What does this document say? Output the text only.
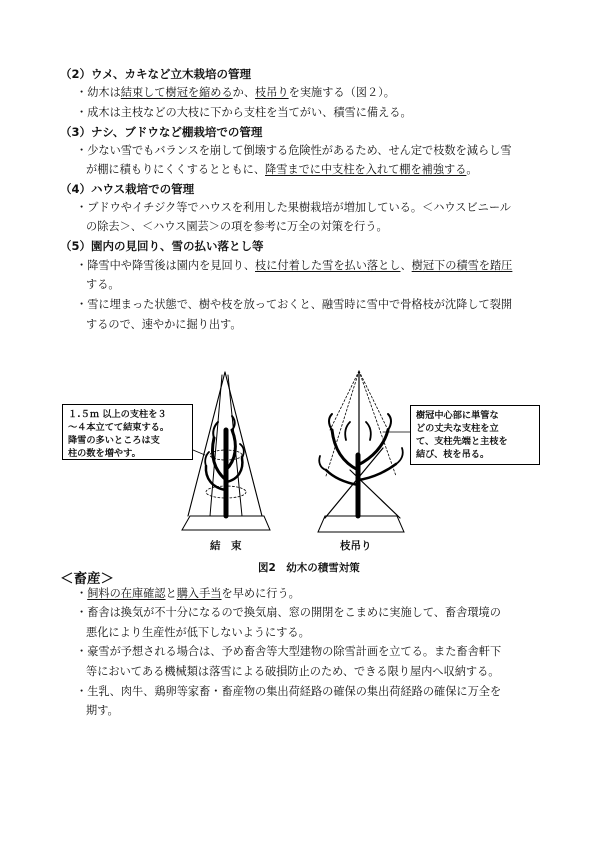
（2）ウメ、カキなど立木栽培の管理
・幼木は結束して樹冠を縮めるか、枝吊りを実施する（図２）。
・成木は主枝などの大枝に下から支柱を当てがい、積雪に備える。
（3）ナシ、ブドウなど棚栽培での管理
・少ない雪でもバランスを崩して倒壊する危険性があるため、せん定で枝数を減らし雪
が棚に積もりにくくするとともに、降雪までに中支柱を入れて棚を補強する。
（4）ハウス栽培での管理
・ブドウやイチジク等でハウスを利用した果樹栽培が増加している。＜ハウスビニール
の除去＞、＜ハウス園芸＞の項を参考に万全の対策を行う。
（5）園内の見回り、雪の払い落とし等
・降雪中や降雪後は園内を見回り、枝に付着した雪を払い落とし、樹冠下の積雪を踏圧
する。
・雪に埋まった状態で、樹や枝を放っておくと、融雪時に雪中で骨格枝が沈降して裂開
するので、速やかに掘り出す。
１.５ｍ 以上の支柱を３
～４本立てて結束する。
降雪の多いところは支
柱の数を増やす。
樹冠中心部に単管な
どの丈夫な支柱を立
て、支柱先端と主枝を
結び、枝を吊る。
結　束	枝吊り
図2　幼木の積雪対策
＜畜産＞
・飼料の在庫確認と購入手当を早めに行う。
・畜舎は換気が不十分になるので換気扇、窓の開閉をこまめに実施して、畜舎環境の
悪化により生産性が低下しないようにする。
・豪雪が予想される場合は、予め畜舎等大型建物の除雪計画を立てる。また畜舎軒下
等においてある機械類は落雪による破損防止のため、できる限り屋内へ収納する。
・生乳、肉牛、鶏卵等家畜・畜産物の集出荷経路の確保の集出荷経路の確保に万全を
期す。
